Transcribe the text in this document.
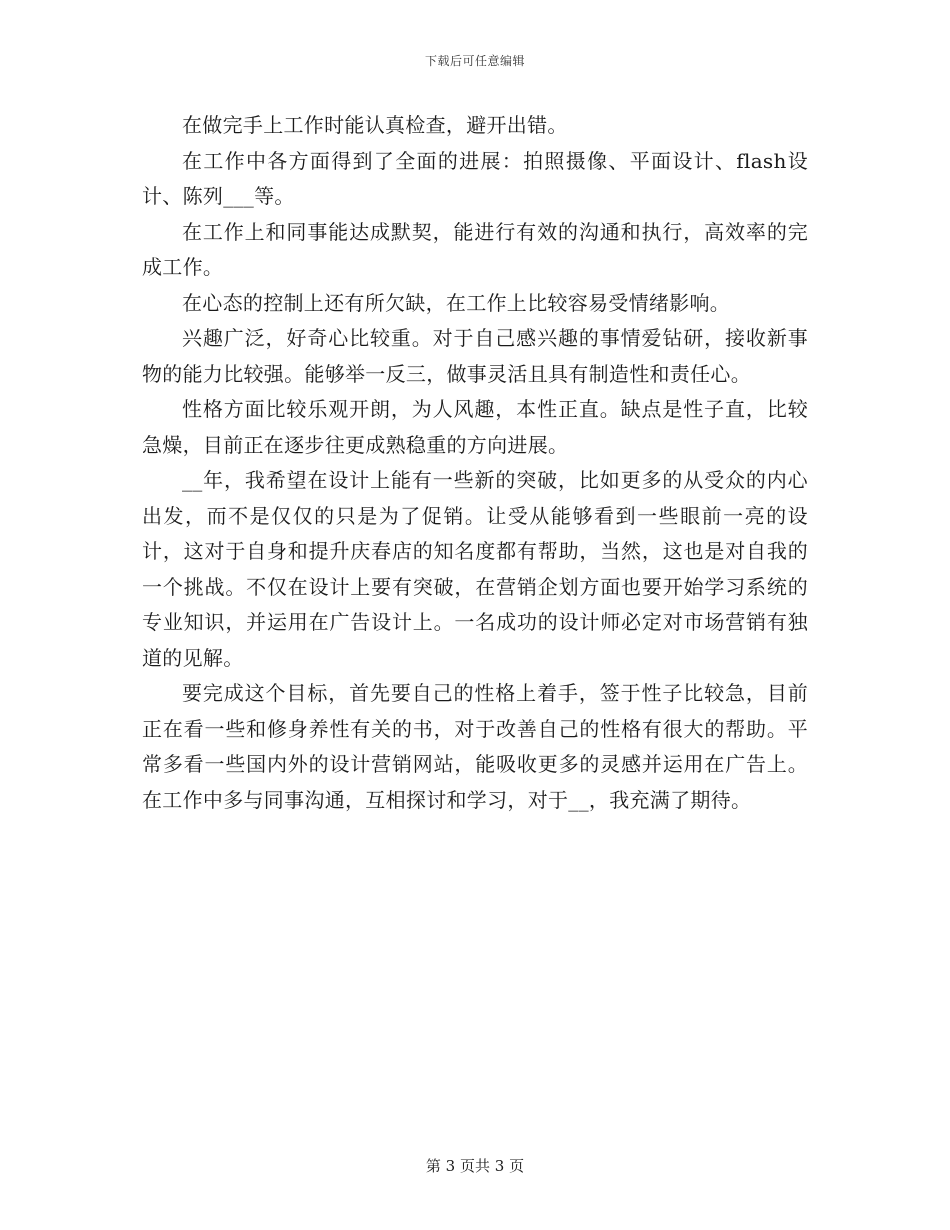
下载后可任意编辑

在做完手上工作时能认真检查，避开出错。

在工作中各方面得到了全面的进展：拍照摄像、平面设计、flash设计、陈列___等。

在工作上和同事能达成默契，能进行有效的沟通和执行，高效率的完成工作。

在心态的控制上还有所欠缺，在工作上比较容易受情绪影响。

兴趣广泛，好奇心比较重。对于自己感兴趣的事情爱钻研，接收新事物的能力比较强。能够举一反三，做事灵活且具有制造性和责任心。

性格方面比较乐观开朗，为人风趣，本性正直。缺点是性子直，比较急燥，目前正在逐步往更成熟稳重的方向进展。

__年，我希望在设计上能有一些新的突破，比如更多的从受众的内心出发，而不是仅仅的只是为了促销。让受从能够看到一些眼前一亮的设计，这对于自身和提升庆春店的知名度都有帮助，当然，这也是对自我的一个挑战。不仅在设计上要有突破，在营销企划方面也要开始学习系统的专业知识，并运用在广告设计上。一名成功的设计师必定对市场营销有独道的见解。

要完成这个目标，首先要自己的性格上着手，签于性子比较急，目前正在看一些和修身养性有关的书，对于改善自己的性格有很大的帮助。平常多看一些国内外的设计营销网站，能吸收更多的灵感并运用在广告上。在工作中多与同事沟通，互相探讨和学习，对于__，我充满了期待。

第 3 页共 3 页
